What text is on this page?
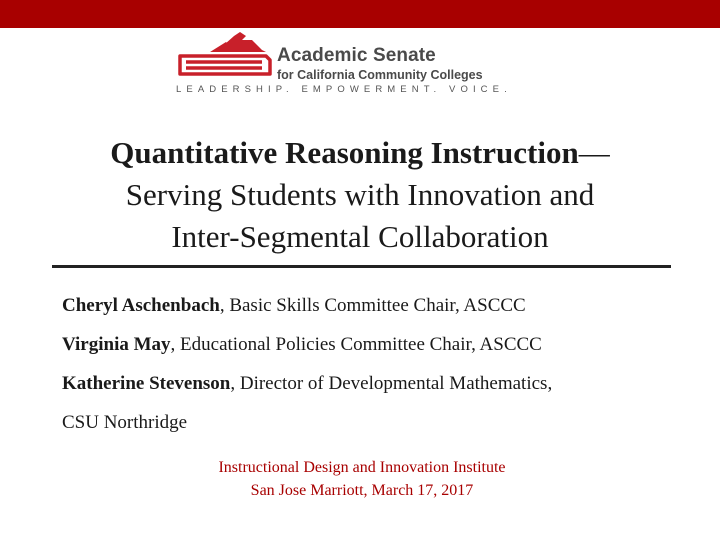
Academic Senate
for California Community Colleges
LEADERSHIP. EMPOWERMENT. VOICE.
Quantitative Reasoning Instruction—
Serving Students with Innovation and
Inter-Segmental Collaboration
Cheryl Aschenbach, Basic Skills Committee Chair, ASCCC
Virginia May, Educational Policies Committee Chair, ASCCC
Katherine Stevenson, Director of Developmental Mathematics,
CSU Northridge
Instructional Design and Innovation Institute
San Jose Marriott, March 17, 2017
